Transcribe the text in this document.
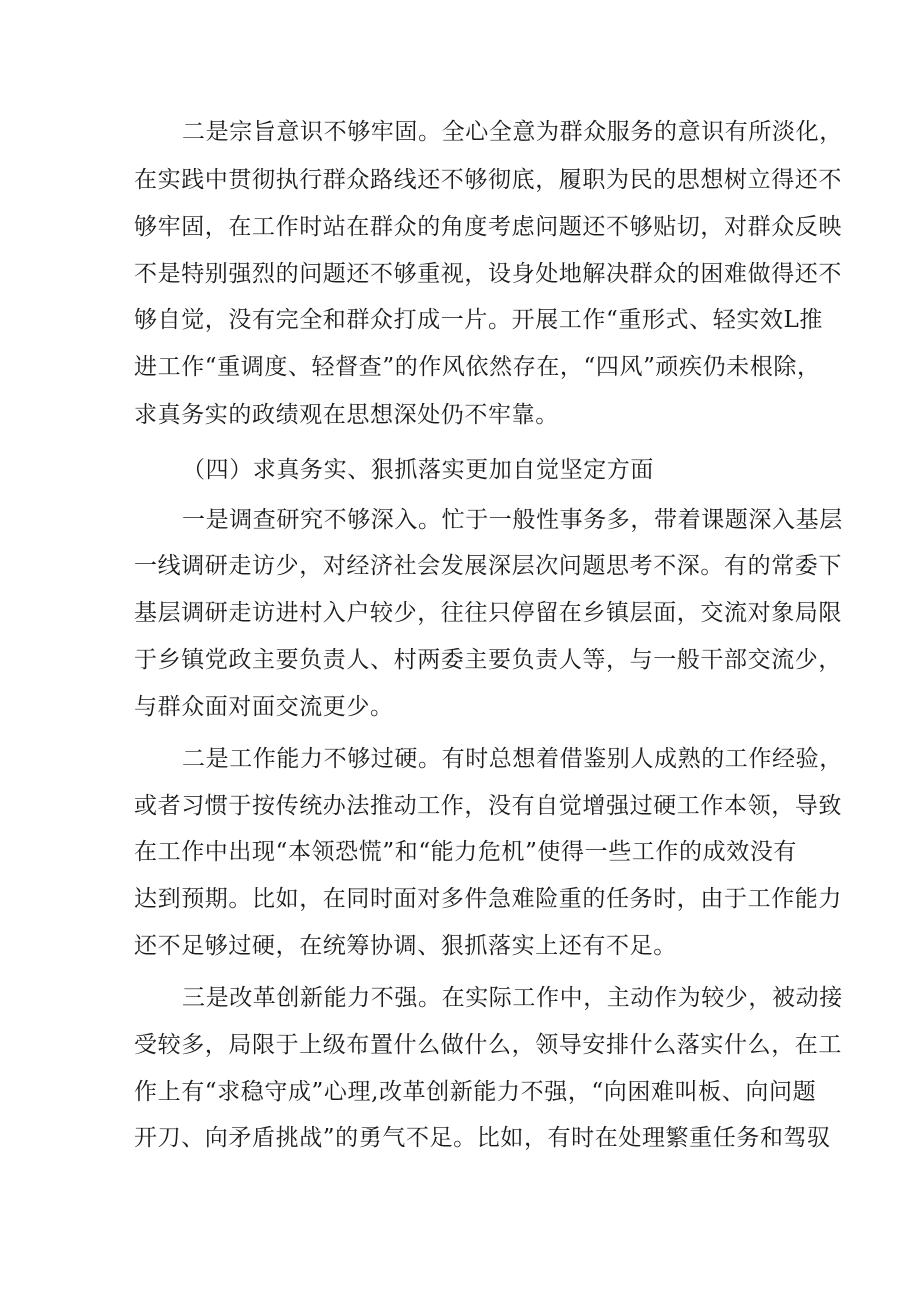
二是宗旨意识不够牢固。全心全意为群众服务的意识有所淡化，
在实践中贯彻执行群众路线还不够彻底，履职为民的思想树立得还不
够牢固，在工作时站在群众的角度考虑问题还不够贴切，对群众反映
不是特别强烈的问题还不够重视，设身处地解决群众的困难做得还不
够自觉，没有完全和群众打成一片。开展工作“重形式、轻实效L推
进工作“重调度、轻督查”的作风依然存在，“四风”顽疾仍未根除，
求真务实的政绩观在思想深处仍不牢靠。
（四）求真务实、狠抓落实更加自觉坚定方面
一是调查研究不够深入。忙于一般性事务多，带着课题深入基层
一线调研走访少，对经济社会发展深层次问题思考不深。有的常委下
基层调研走访进村入户较少，往往只停留在乡镇层面，交流对象局限
于乡镇党政主要负责人、村两委主要负责人等，与一般干部交流少，
与群众面对面交流更少。
二是工作能力不够过硬。有时总想着借鉴别人成熟的工作经验，
或者习惯于按传统办法推动工作，没有自觉增强过硬工作本领，导致
在工作中出现“本领恐慌”和“能力危机”使得一些工作的成效没有
达到预期。比如，在同时面对多件急难险重的任务时，由于工作能力
还不足够过硬，在统筹协调、狠抓落实上还有不足。
三是改革创新能力不强。在实际工作中，主动作为较少，被动接
受较多，局限于上级布置什么做什么，领导安排什么落实什么，在工
作上有“求稳守成”心理,改革创新能力不强，“向困难叫板、向问题
开刀、向矛盾挑战”的勇气不足。比如，有时在处理繁重任务和驾驭
